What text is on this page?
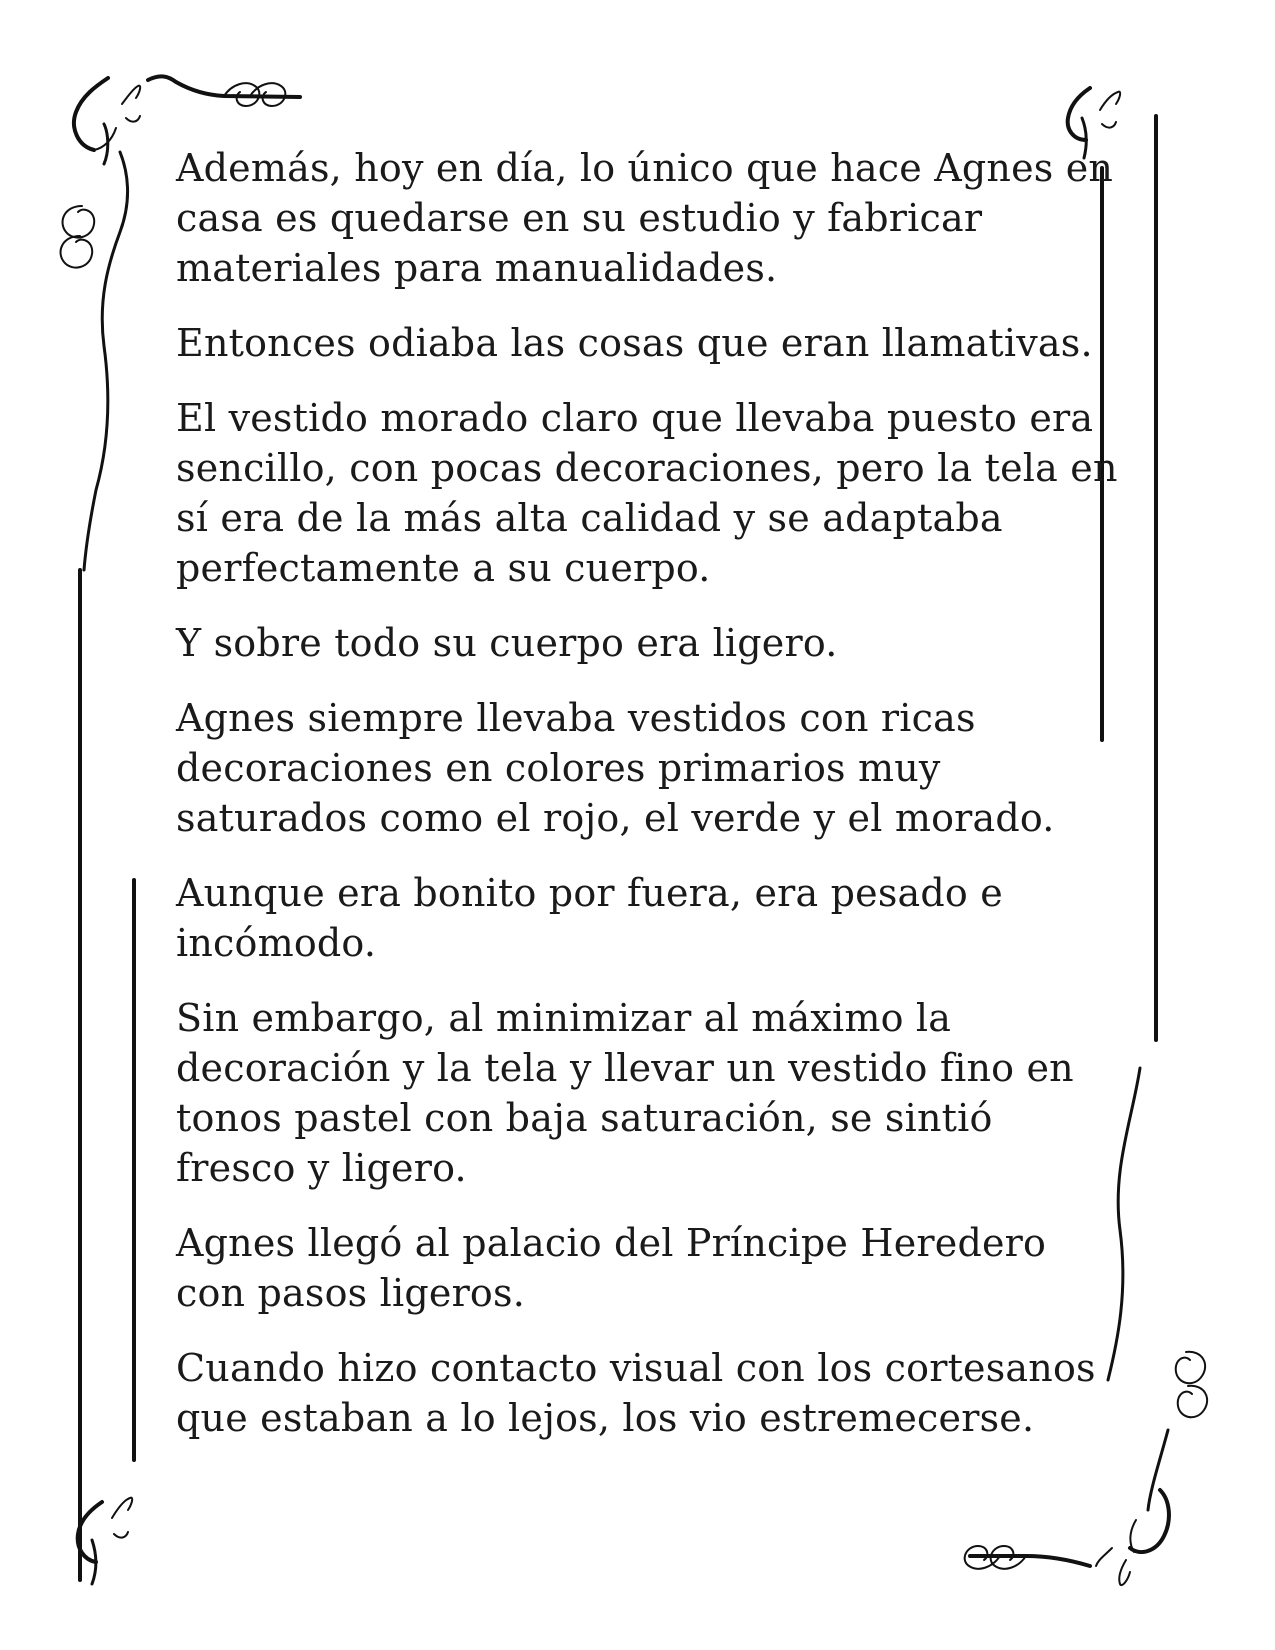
Además, hoy en día, lo único que hace Agnes en
casa es quedarse en su estudio y fabricar
materiales para manualidades.

Entonces odiaba las cosas que eran llamativas.

El vestido morado claro que llevaba puesto era
sencillo, con pocas decoraciones, pero la tela en
sí era de la más alta calidad y se adaptaba
perfectamente a su cuerpo.

Y sobre todo su cuerpo era ligero.

Agnes siempre llevaba vestidos con ricas
decoraciones en colores primarios muy
saturados como el rojo, el verde y el morado.

Aunque era bonito por fuera, era pesado e
incómodo.

Sin embargo, al minimizar al máximo la
decoración y la tela y llevar un vestido fino en
tonos pastel con baja saturación, se sintió
fresco y ligero.

Agnes llegó al palacio del Príncipe Heredero
con pasos ligeros.

Cuando hizo contacto visual con los cortesanos
que estaban a lo lejos, los vio estremecerse.
